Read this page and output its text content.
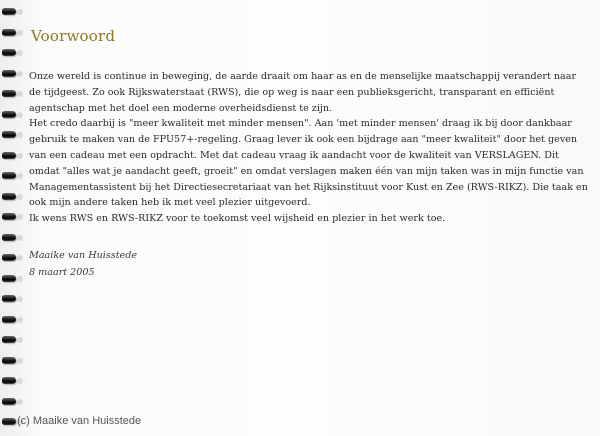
Voorwoord

Onze wereld is continue in beweging, de aarde draait om haar as en de menselijke maatschappij verandert naar de tijdgeest. Zo ook Rijkswaterstaat (RWS), die op weg is naar een publieksgericht, transparant en efficiënt agentschap met het doel een moderne overheidsdienst te zijn.

Het credo daarbij is "meer kwaliteit met minder mensen". Aan 'met minder mensen' draag ik bij door dankbaar gebruik te maken van de FPU57+-regeling. Graag lever ik ook een bijdrage aan "meer kwaliteit" door het geven van een cadeau met een opdracht. Met dat cadeau vraag ik aandacht voor de kwaliteit van VERSLAGEN. Dit omdat "alles wat je aandacht geeft, groeit" en omdat verslagen maken één van mijn taken was in mijn functie van Managementassistent bij het Directiesecretariaat van het Rijksinstituut voor Kust en Zee (RWS-RIKZ). Die taak en ook mijn andere taken heb ik met veel plezier uitgevoerd.

Ik wens RWS en RWS-RIKZ voor te toekomst veel wijsheid en plezier in het werk toe.

Maaike van Huisstede

8 maart 2005

(c) Maaike van Huisstede
